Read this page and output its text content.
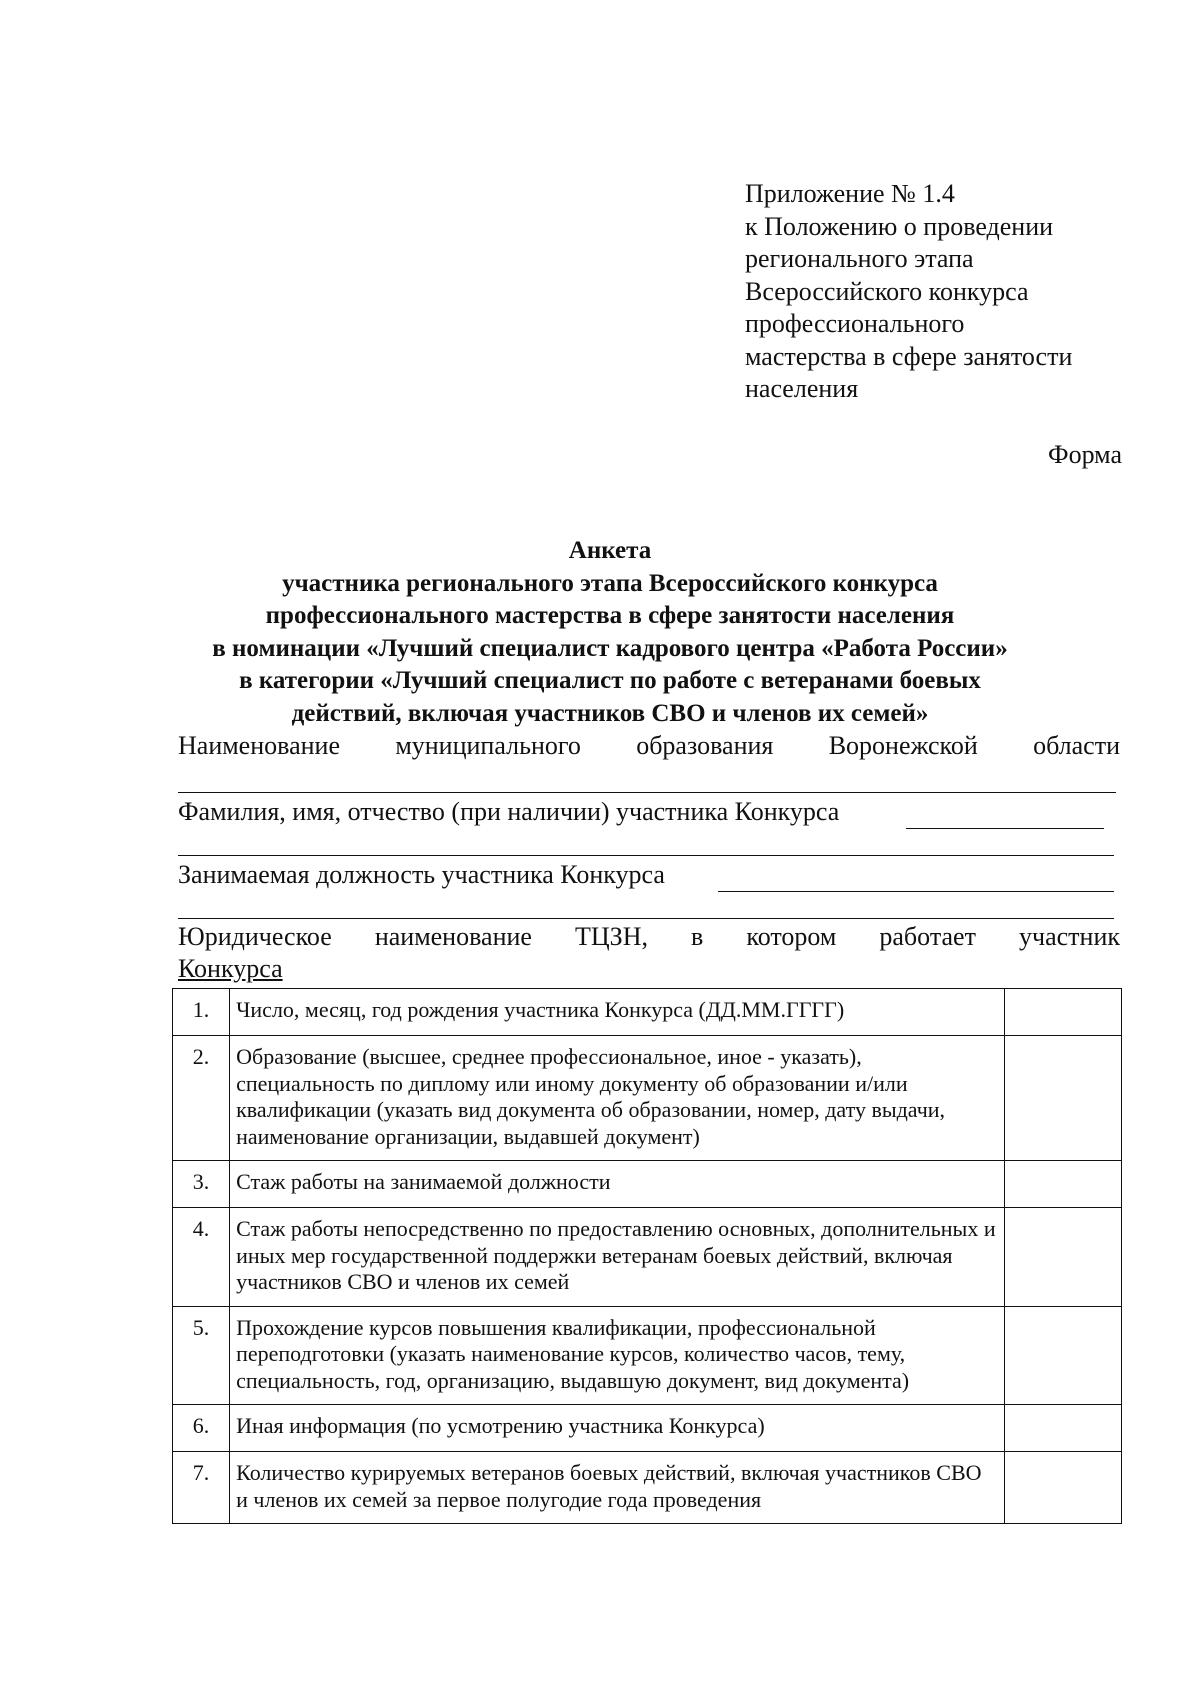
Приложение № 1.4
к Положению о проведении
регионального этапа
Всероссийского конкурса
профессионального
мастерства в сфере занятости
населения
Форма
Анкета
участника регионального этапа Всероссийского конкурса
профессионального мастерства в сфере занятости населения
в номинации «Лучший специалист кадрового центра «Работа России»
в категории «Лучший специалист по работе с ветеранами боевых
действий, включая участников СВО и членов их семей»
Наименование муниципального образования Воронежской области
Фамилия, имя, отчество (при наличии) участника Конкурса
Занимаемая должность участника Конкурса
Юридическое наименование ТЦЗН, в котором работает участник
Конкурса
1.	Число, месяц, год рождения участника Конкурса (ДД.ММ.ГГГГ)	
2.	Образование (высшее, среднее профессиональное, иное - указать), специальность по диплому или иному документу об образовании и/или квалификации (указать вид документа об образовании, номер, дату выдачи, наименование организации, выдавшей документ)	
3.	Стаж работы на занимаемой должности	
4.	Стаж работы непосредственно по предоставлению основных, дополнительных и иных мер государственной поддержки ветеранам боевых действий, включая участников СВО и членов их семей	
5.	Прохождение курсов повышения квалификации, профессиональной переподготовки (указать наименование курсов, количество часов, тему, специальность, год, организацию, выдавшую документ, вид документа)	
6.	Иная информация (по усмотрению участника Конкурса)	
7.	Количество курируемых ветеранов боевых действий, включая участников СВО и членов их семей за первое полугодие года проведения	
